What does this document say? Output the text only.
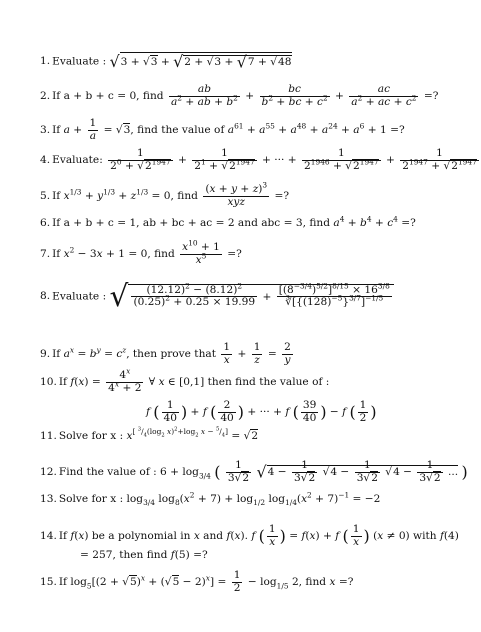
1. Evaluate : √3 + √3 + √2 + √3 + √7 + √48
2. If a + b + c = 0, find $\frac{ab}{a^2 + ab + b^2} + \frac{bc}{b^2 + bc + c^2} + \frac{ac}{a^2 + ac + c^2}$ =?
3. If $a + \frac{1}{a} = √3$, find the value of $a^{61} + a^{55} + a^{48} + a^{24} + a^6 + 1$ =?
4. Evaluate: $\frac{1}{2^0 + √2^{1947}} + \frac{1}{2^1 + √2^{1947}}$ + ··· + $\frac{1}{2^{1946} + √2^{1947}} + \frac{1}{2^{1947} + √2^{1947}}$
5. If $x^{1/3} + y^{1/3} + z^{1/3} = 0$, find $\frac{(x + y + z)^3}{\text{xyz}}$ =?
6. If a + b + c = 1, ab + bc + ac = 2 and abc = 3, find $a^4 + b^4 + c^4$ =?
7. If $x^2 - 3x + 1 = 0$, find $\frac{x^{10} + 1}{x^5}$ =?
8. Evaluate : √ $\frac{(12.12)^2 - (8.12)^2}{(0.25)^2 + 0.25 \times 19.99} + \frac{[(8^{-3/4})^{5/2}]^{8/15} \times 16^{3/8}}{∛[\{(128)^{-5}\}^{3/7}]^{-1/5}}$
9. If $a^x = b^y = c^z$, then prove that $\frac{1}{x} + \frac{1}{z} = \frac{2}{y}$
10. If $f(x) = \frac{4^x}{4^x + 2}$ ∀ x ∈ [0,1] then find the value of :
f ( $\frac{1}{40}$ ) + f ( $\frac{2}{40}$ ) + ··· + f ( $\frac{39}{40}$ ) − f ( $\frac{1}{2}$ )
11. Solve for x : x[ 3/4(log2 x)2+log2 x − 5/4] = √2
12. Find the value of : $6 + \log_{3/4}$ ( $\frac{1}{3√2} √4 - \frac{1}{3√2} √4 - \frac{1}{3√2} √4 - \frac{1}{3√2}$ ... )
13. Solve for x : $\log_{3/4} \log_8(x^2 + 7) + \log_{1/2} \log_{1/4}(x^2 + 7)^{-1} = -2$
14. If f(x) be a polynomial in x and f(x). f ( $\frac{1}{x}$ ) = f(x) + f ( $\frac{1}{x}$ ) (x ≠ 0) with f(4)
= 257, then find f(5) =?
15. If $\log_5[(2 + √5)^x + (√5 - 2)^x] = \frac{1}{2} - \log_{1/5} 2$, find x =?
